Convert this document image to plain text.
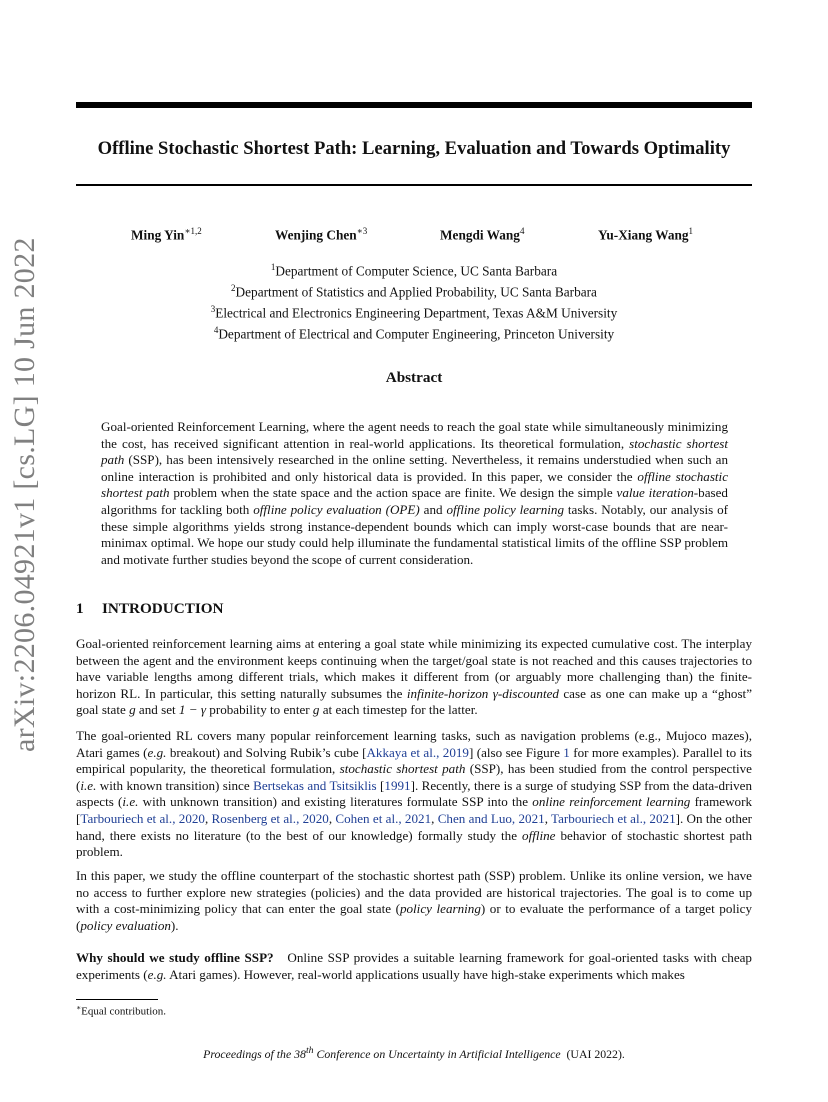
arXiv:2206.04921v1 [cs.LG] 10 Jun 2022
Offline Stochastic Shortest Path: Learning, Evaluation and Towards Optimality
Ming Yin$^{∗1,2}$	Wenjing Chen$^{∗3}$	Mengdi Wang$^4$	Yu-Xiang Wang$^1$
$^1$Department of Computer Science, UC Santa Barbara
$^2$Department of Statistics and Applied Probability, UC Santa Barbara
$^3$Electrical and Electronics Engineering Department, Texas A&M University
$^4$Department of Electrical and Computer Engineering, Princeton University
Abstract
Goal-oriented Reinforcement Learning, where the agent needs to reach the goal state while simultaneously minimizing the cost, has received significant attention in real-world applications. Its theoretical formulation, stochastic shortest path (SSP), has been intensively researched in the online setting. Nevertheless, it remains understudied when such an online interaction is prohibited and only historical data is provided. In this paper, we consider the offline stochastic shortest path problem when the state space and the action space are finite. We design the simple value iteration-based algorithms for tackling both offline policy evaluation (OPE) and offline policy learning tasks. Notably, our analysis of these simple algorithms yields strong instance-dependent bounds which can imply worst-case bounds that are near-minimax optimal. We hope our study could help illuminate the fundamental statistical limits of the offline SSP problem and motivate further studies beyond the scope of current consideration.
1 INTRODUCTION
Goal-oriented reinforcement learning aims at entering a goal state while minimizing its expected cumulative cost. The interplay between the agent and the environment keeps continuing when the target/goal state is not reached and this causes trajectories to have variable lengths among different trials, which makes it different from (or arguably more challenging than) the finite-horizon RL. In particular, this setting naturally subsumes the infinite-horizon γ-discounted case as one can make up a “ghost” goal state g and set 1 − γ probability to enter g at each timestep for the latter.
The goal-oriented RL covers many popular reinforcement learning tasks, such as navigation problems (e.g., Mujoco mazes), Atari games (e.g. breakout) and Solving Rubik’s cube [Akkaya et al., 2019] (also see Figure 1 for more examples). Parallel to its empirical popularity, the theoretical formulation, stochastic shortest path (SSP), has been studied from the control perspective (i.e. with known transition) since Bertsekas and Tsitsiklis [1991]. Recently, there is a surge of studying SSP from the data-driven aspects (i.e. with unknown transition) and existing literatures formulate SSP into the online reinforcement learning framework [Tarbouriech et al., 2020, Rosenberg et al., 2020, Cohen et al., 2021, Chen and Luo, 2021, Tarbouriech et al., 2021]. On the other hand, there exists no literature (to the best of our knowledge) formally study the offline behavior of stochastic shortest path problem.
In this paper, we study the offline counterpart of the stochastic shortest path (SSP) problem. Unlike its online version, we have no access to further explore new strategies (policies) and the data provided are historical trajectories. The goal is to come up with a cost-minimizing policy that can enter the goal state (policy learning) or to evaluate the performance of a target policy (policy evaluation).
Why should we study offline SSP?   Online SSP provides a suitable learning framework for goal-oriented tasks with cheap experiments (e.g. Atari games). However, real-world applications usually have high-stake experiments which makes
∗Equal contribution.
Proceedings of the 38th Conference on Uncertainty in Artificial Intelligence  (UAI 2022).
